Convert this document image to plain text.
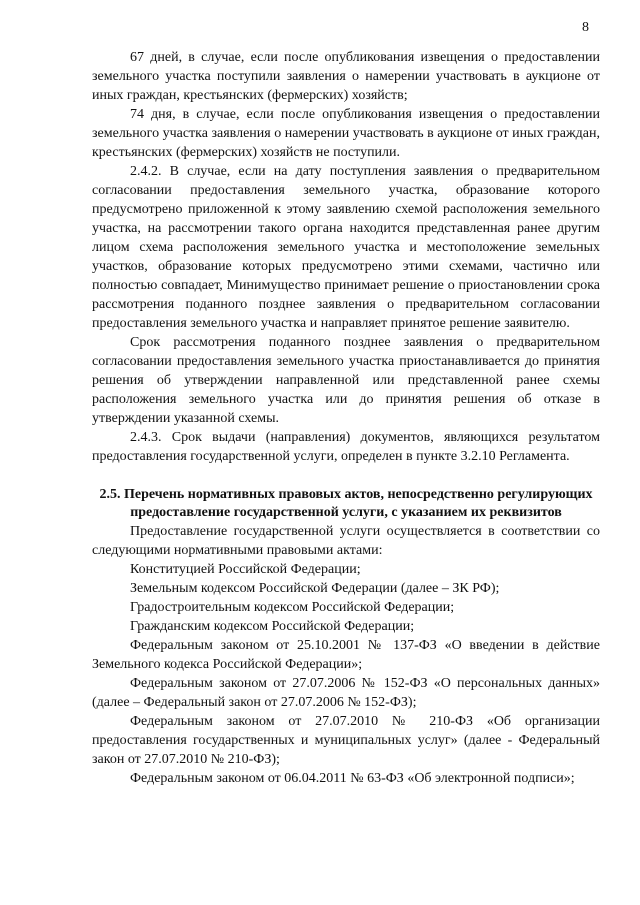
8

67 дней, в случае, если после опубликования извещения о предоставлении земельного участка поступили заявления о намерении участвовать в аукционе от иных граждан, крестьянских (фермерских) хозяйств;

74 дня, в случае, если после опубликования извещения о предоставлении земельного участка заявления о намерении участвовать в аукционе от иных граждан, крестьянских (фермерских) хозяйств не поступили.

2.4.2. В случае, если на дату поступления заявления о предварительном согласовании предоставления земельного участка, образование которого предусмотрено приложенной к этому заявлению схемой расположения земельного участка, на рассмотрении такого органа находится представленная ранее другим лицом схема расположения земельного участка и местоположение земельных участков, образование которых предусмотрено этими схемами, частично или полностью совпадает, Минимущество принимает решение о приостановлении срока рассмотрения поданного позднее заявления о предварительном согласовании предоставления земельного участка и направляет принятое решение заявителю.

Срок рассмотрения поданного позднее заявления о предварительном согласовании предоставления земельного участка приостанавливается до принятия решения об утверждении направленной или представленной ранее схемы расположения земельного участка или до принятия решения об отказе в утверждении указанной схемы.

2.4.3. Срок выдачи (направления) документов, являющихся результатом предоставления государственной услуги, определен в пункте 3.2.10 Регламента.

2.5. Перечень нормативных правовых актов, непосредственно регулирующих предоставление государственной услуги, с указанием их реквизитов

Предоставление государственной услуги осуществляется в соответствии со следующими нормативными правовыми актами:

Конституцией Российской Федерации;

Земельным кодексом Российской Федерации (далее – ЗК РФ);

Градостроительным кодексом Российской Федерации;

Гражданским кодексом Российской Федерации;

Федеральным законом от 25.10.2001 № 137-ФЗ «О введении в действие Земельного кодекса Российской Федерации»;

Федеральным законом от 27.07.2006 № 152-ФЗ «О персональных данных» (далее – Федеральный закон от 27.07.2006 № 152-ФЗ);

Федеральным законом от 27.07.2010 № 210-ФЗ «Об организации предоставления государственных и муниципальных услуг» (далее - Федеральный закон от 27.07.2010 № 210-ФЗ);

Федеральным законом от 06.04.2011 № 63-ФЗ «Об электронной подписи»;
